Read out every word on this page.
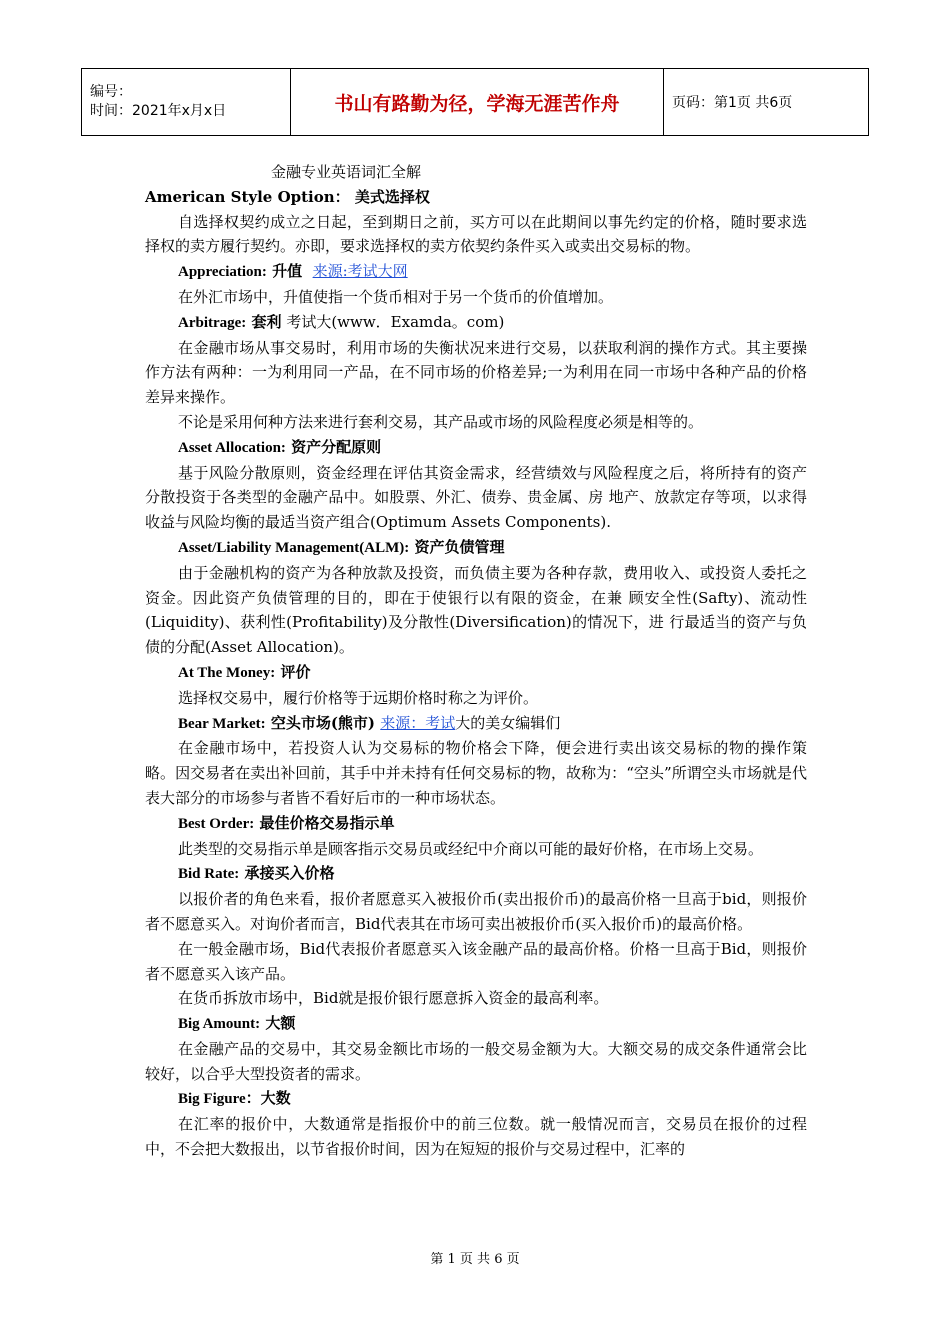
编号：
时间：2021年x月x日	书山有路勤为径，学海无涯苦作舟	页码：第1页 共6页

金融专业英语词汇全解

American Style Option： 美式选择权

自选择权契约成立之日起，至到期日之前，买方可以在此期间以事先约定的价格，随时要求选择权的卖方履行契约。亦即，要求选择权的卖方依契约条件买入或卖出交易标的物。

Appreciation: 升值 来源:考试大网

在外汇市场中，升值使指一个货币相对于另一个货币的价值增加。

Arbitrage: 套利 考试大(www．Examda。com)

在金融市场从事交易时，利用市场的失衡状况来进行交易，以获取利润的操作方式。其主要操作方法有两种：一为利用同一产品，在不同市场的价格差异;一为利用在同一市场中各种产品的价格差异来操作。

不论是采用何种方法来进行套利交易，其产品或市场的风险程度必须是相等的。

Asset Allocation: 资产分配原则

基于风险分散原则，资金经理在评估其资金需求，经营绩效与风险程度之后，将所持有的资产分散投资于各类型的金融产品中。如股票、外汇、债券、贵金属、房 地产、放款定存等项，以求得收益与风险均衡的最适当资产组合(Optimum Assets Components).

Asset/Liability Management(ALM): 资产负债管理

由于金融机构的资产为各种放款及投资，而负债主要为各种存款，费用收入、或投资人委托之资金。因此资产负债管理的目的，即在于使银行以有限的资金，在兼 顾安全性(Safty)、流动性(Liquidity)、获利性(Profitability)及分散性(Diversification)的情况下，进 行最适当的资产与负债的分配(Asset Allocation)。

At The Money: 评价

选择权交易中，履行价格等于远期价格时称之为评价。

Bear Market: 空头市场(熊市) 来源：考试大的美女编辑们

在金融市场中，若投资人认为交易标的物价格会下降，便会进行卖出该交易标的物的操作策略。因交易者在卖出补回前，其手中并未持有任何交易标的物，故称为：“空头”所谓空头市场就是代表大部分的市场参与者皆不看好后市的一种市场状态。

Best Order: 最佳价格交易指示单

此类型的交易指示单是顾客指示交易员或经纪中介商以可能的最好价格，在市场上交易。

Bid Rate: 承接买入价格

以报价者的角色来看，报价者愿意买入被报价币(卖出报价币)的最高价格一旦高于bid，则报价者不愿意买入。对询价者而言，Bid代表其在市场可卖出被报价币(买入报价币)的最高价格。

在一般金融市场，Bid代表报价者愿意买入该金融产品的最高价格。价格一旦高于Bid，则报价者不愿意买入该产品。

在货币拆放市场中，Bid就是报价银行愿意拆入资金的最高利率。

Big Amount: 大额

在金融产品的交易中，其交易金额比市场的一般交易金额为大。大额交易的成交条件通常会比较好，以合乎大型投资者的需求。

Big Figure：大数

在汇率的报价中，大数通常是指报价中的前三位数。就一般情况而言，交易员在报价的过程中，不会把大数报出，以节省报价时间，因为在短短的报价与交易过程中，汇率的

第 1 页 共 6 页
